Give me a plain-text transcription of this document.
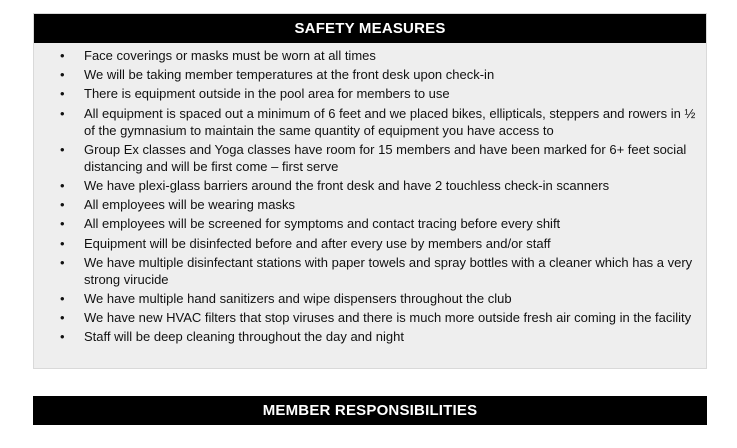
SAFETY MEASURES
• Face coverings or masks must be worn at all times
• We will be taking member temperatures at the front desk upon check-in
• There is equipment outside in the pool area for members to use
• All equipment is spaced out a minimum of 6 feet and we placed bikes, ellipticals, steppers and rowers in ½ of the gymnasium to maintain the same quantity of equipment you have access to
• Group Ex classes and Yoga classes have room for 15 members and have been marked for 6+ feet social distancing and will be first come – first serve
• We have plexi-glass barriers around the front desk and have 2 touchless check-in scanners
• All employees will be wearing masks
• All employees will be screened for symptoms and contact tracing before every shift
• Equipment will be disinfected before and after every use by members and/or staff
• We have multiple disinfectant stations with paper towels and spray bottles with a cleaner which has a very strong virucide
• We have multiple hand sanitizers and wipe dispensers throughout the club
• We have new HVAC filters that stop viruses and there is much more outside fresh air coming in the facility
• Staff will be deep cleaning throughout the day and night
MEMBER RESPONSIBILITIES
